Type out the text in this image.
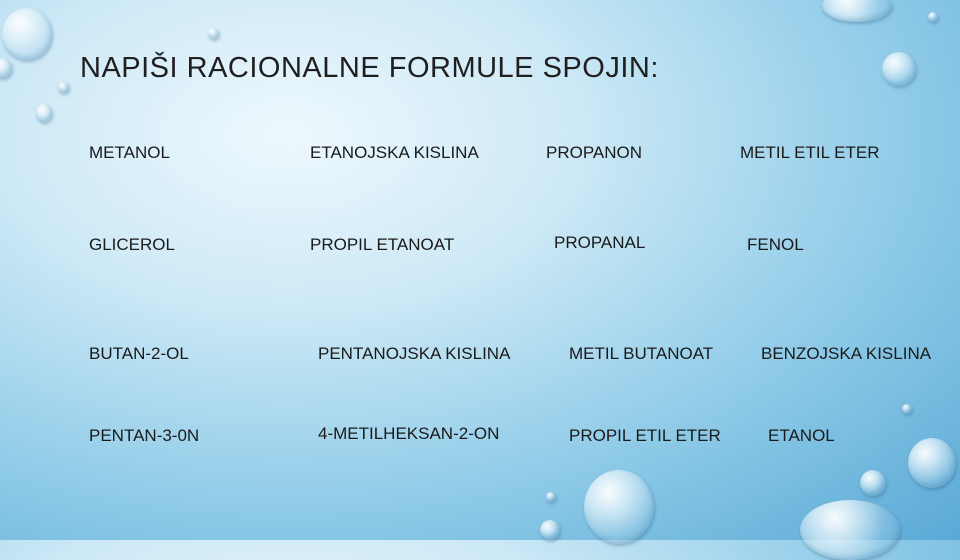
NAPIŠI RACIONALNE FORMULE SPOJIN:
METANOL	ETANOJSKA KISLINA	PROPANON	METIL ETIL ETER
GLICEROL	PROPIL ETANOAT	PROPANAL	FENOL
BUTAN-2-OL	PENTANOJSKA KISLINA	METIL BUTANOAT	BENZOJSKA KISLINA
PENTAN-3-0N	4-METILHEKSAN-2-ON	PROPIL ETIL ETER	ETANOL
